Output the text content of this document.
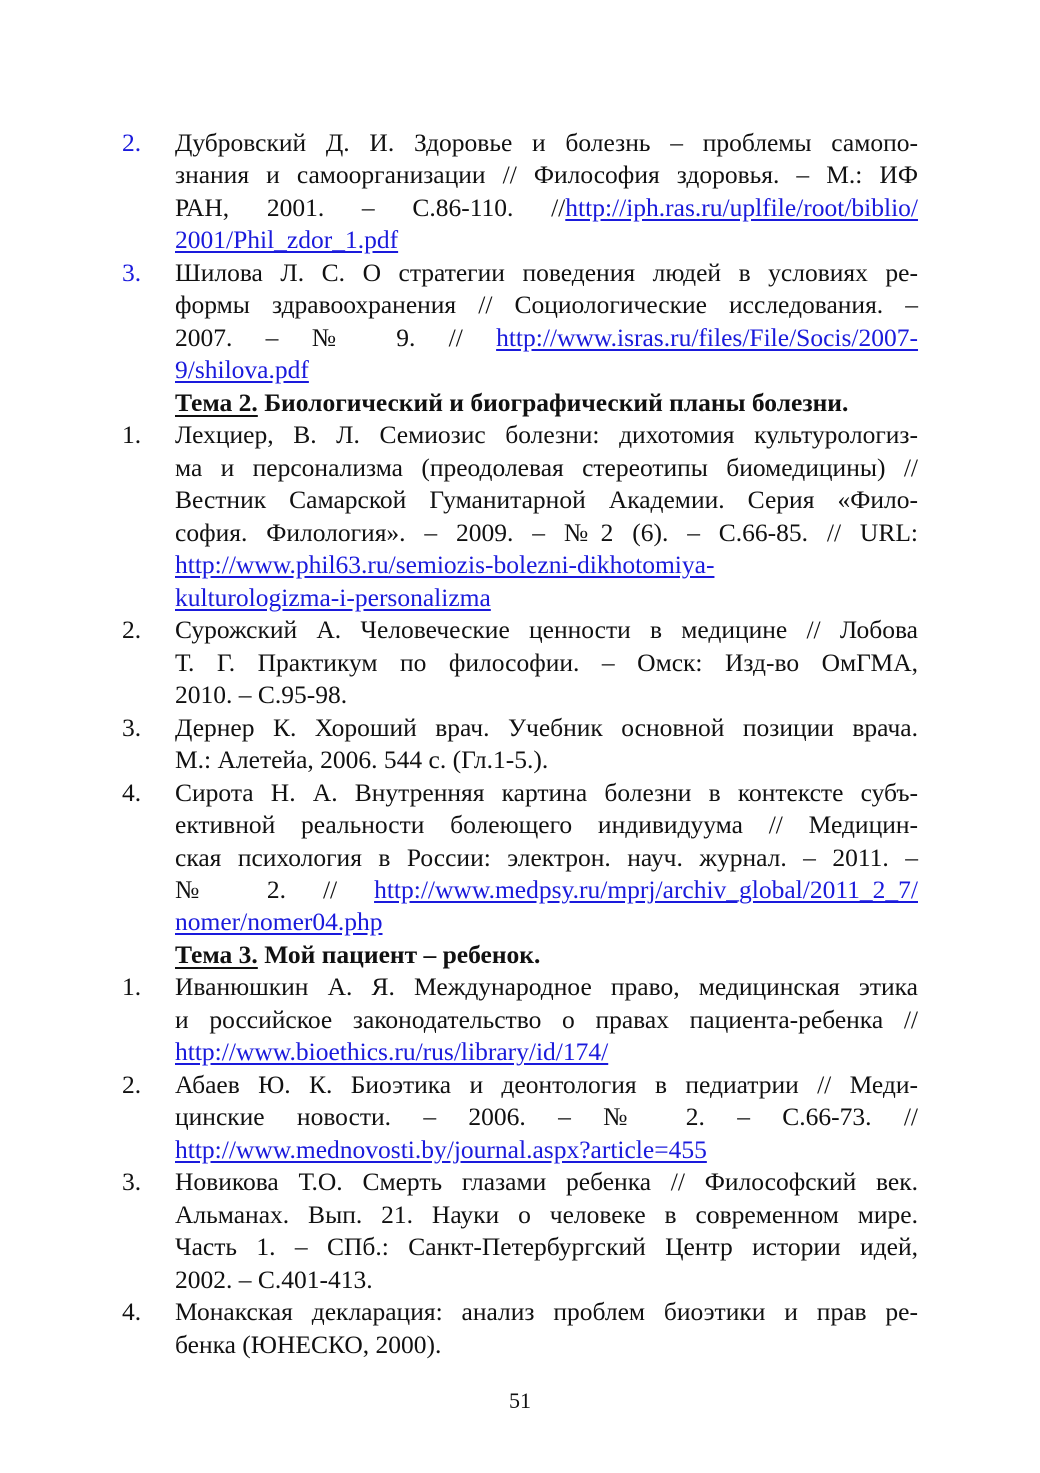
2. Дубровский Д. И. Здоровье и болезнь – проблемы самопо-
знания и самоорганизации // Философия здоровья. – М.: ИФ
РАН, 2001. – С.86-110. //http://iph.ras.ru/uplfile/root/biblio/
2001/Phil_zdor_1.pdf
3. Шилова Л. С. О стратегии поведения людей в условиях ре-
формы здравоохранения // Социологические исследования. –
2007. – № 9. // http://www.isras.ru/files/File/Socis/2007-
9/shilova.pdf
Тема 2. Биологический и биографический планы болезни.
1. Лехциер, В. Л. Семиозис болезни: дихотомия культурологиз-
ма и персонализма (преодолевая стереотипы биомедицины) //
Вестник Самарской Гуманитарной Академии. Серия «Фило-
софия. Филология». – 2009. – №2 (6). – С.66-85. // URL:
http://www.phil63.ru/semiozis-bolezni-dikhotomiya-
kulturologizma-i-personalizma
2. Сурожский А. Человеческие ценности в медицине // Лобова
Т. Г. Практикум по философии. – Омск: Изд-во ОмГМА,
2010. – С.95-98.
3. Дернер К. Хороший врач. Учебник основной позиции врача.
М.: Алетейа, 2006. 544 с. (Гл.1-5.).
4. Сирота Н. А. Внутренняя картина болезни в контексте субъ-
ективной реальности болеющего индивидуума // Медицин-
ская психология в России: электрон. науч. журнал. – 2011. –
№ 2. // http://www.medpsy.ru/mprj/archiv_global/2011_2_7/
nomer/nomer04.php
Тема 3. Мой пациент – ребенок.
1. Иванюшкин А. Я. Международное право, медицинская этика
и российское законодательство о правах пациента-ребенка //
http://www.bioethics.ru/rus/library/id/174/
2. Абаев Ю. К. Биоэтика и деонтология в педиатрии // Меди-
цинские новости. – 2006. – № 2. – С.66-73. //
http://www.mednovosti.by/journal.aspx?article=455
3. Новикова Т.О. Смерть глазами ребенка // Философский век.
Альманах. Вып. 21. Науки о человеке в современном мире.
Часть 1. – СПб.: Санкт-Петербургский Центр истории идей,
2002. – С.401-413.
4. Монакская декларация: анализ проблем биоэтики и прав ре-
бенка (ЮНЕСКО, 2000).
51
